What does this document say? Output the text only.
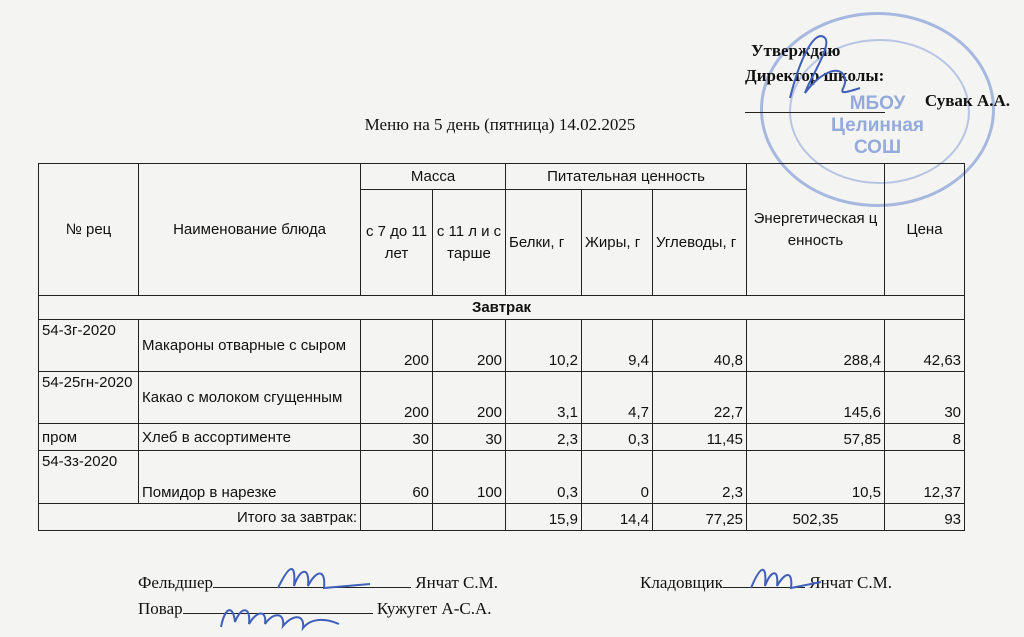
МБОУ
Целинная
СОШ
Утверждаю
Директор школы:
Сувак А.А.
Меню на 5 день (пятница) 14.02.2025
№ рец	Наименование блюда	Масса		Питательная ценность			Энергетическая ценность	Цена

		с 7 до 11 лет	с 11 л и старше	Белки, г	Жиры, г	Углеводы, г		

Завтрак								
54-3г-2020	Макароны отварные с сыром	200	200	10,2	9,4	40,8	288,4	42,63
54-25гн-2020	Какао с молоком сгущенным	200	200	3,1	4,7	22,7	145,6	30
пром	Хлеб в ассортименте	30	30	2,3	0,3	11,45	57,85	8
54-3з-2020	Помидор в нарезке	60	100	0,3	0	2,3	10,5	12,37
Итого за завтрак:				15,9	14,4	77,25	502,35	93
Фельдшер	Янчат С.М.	Кладовщик	Янчат С.М.
Повар	Кужугет А-С.А.
